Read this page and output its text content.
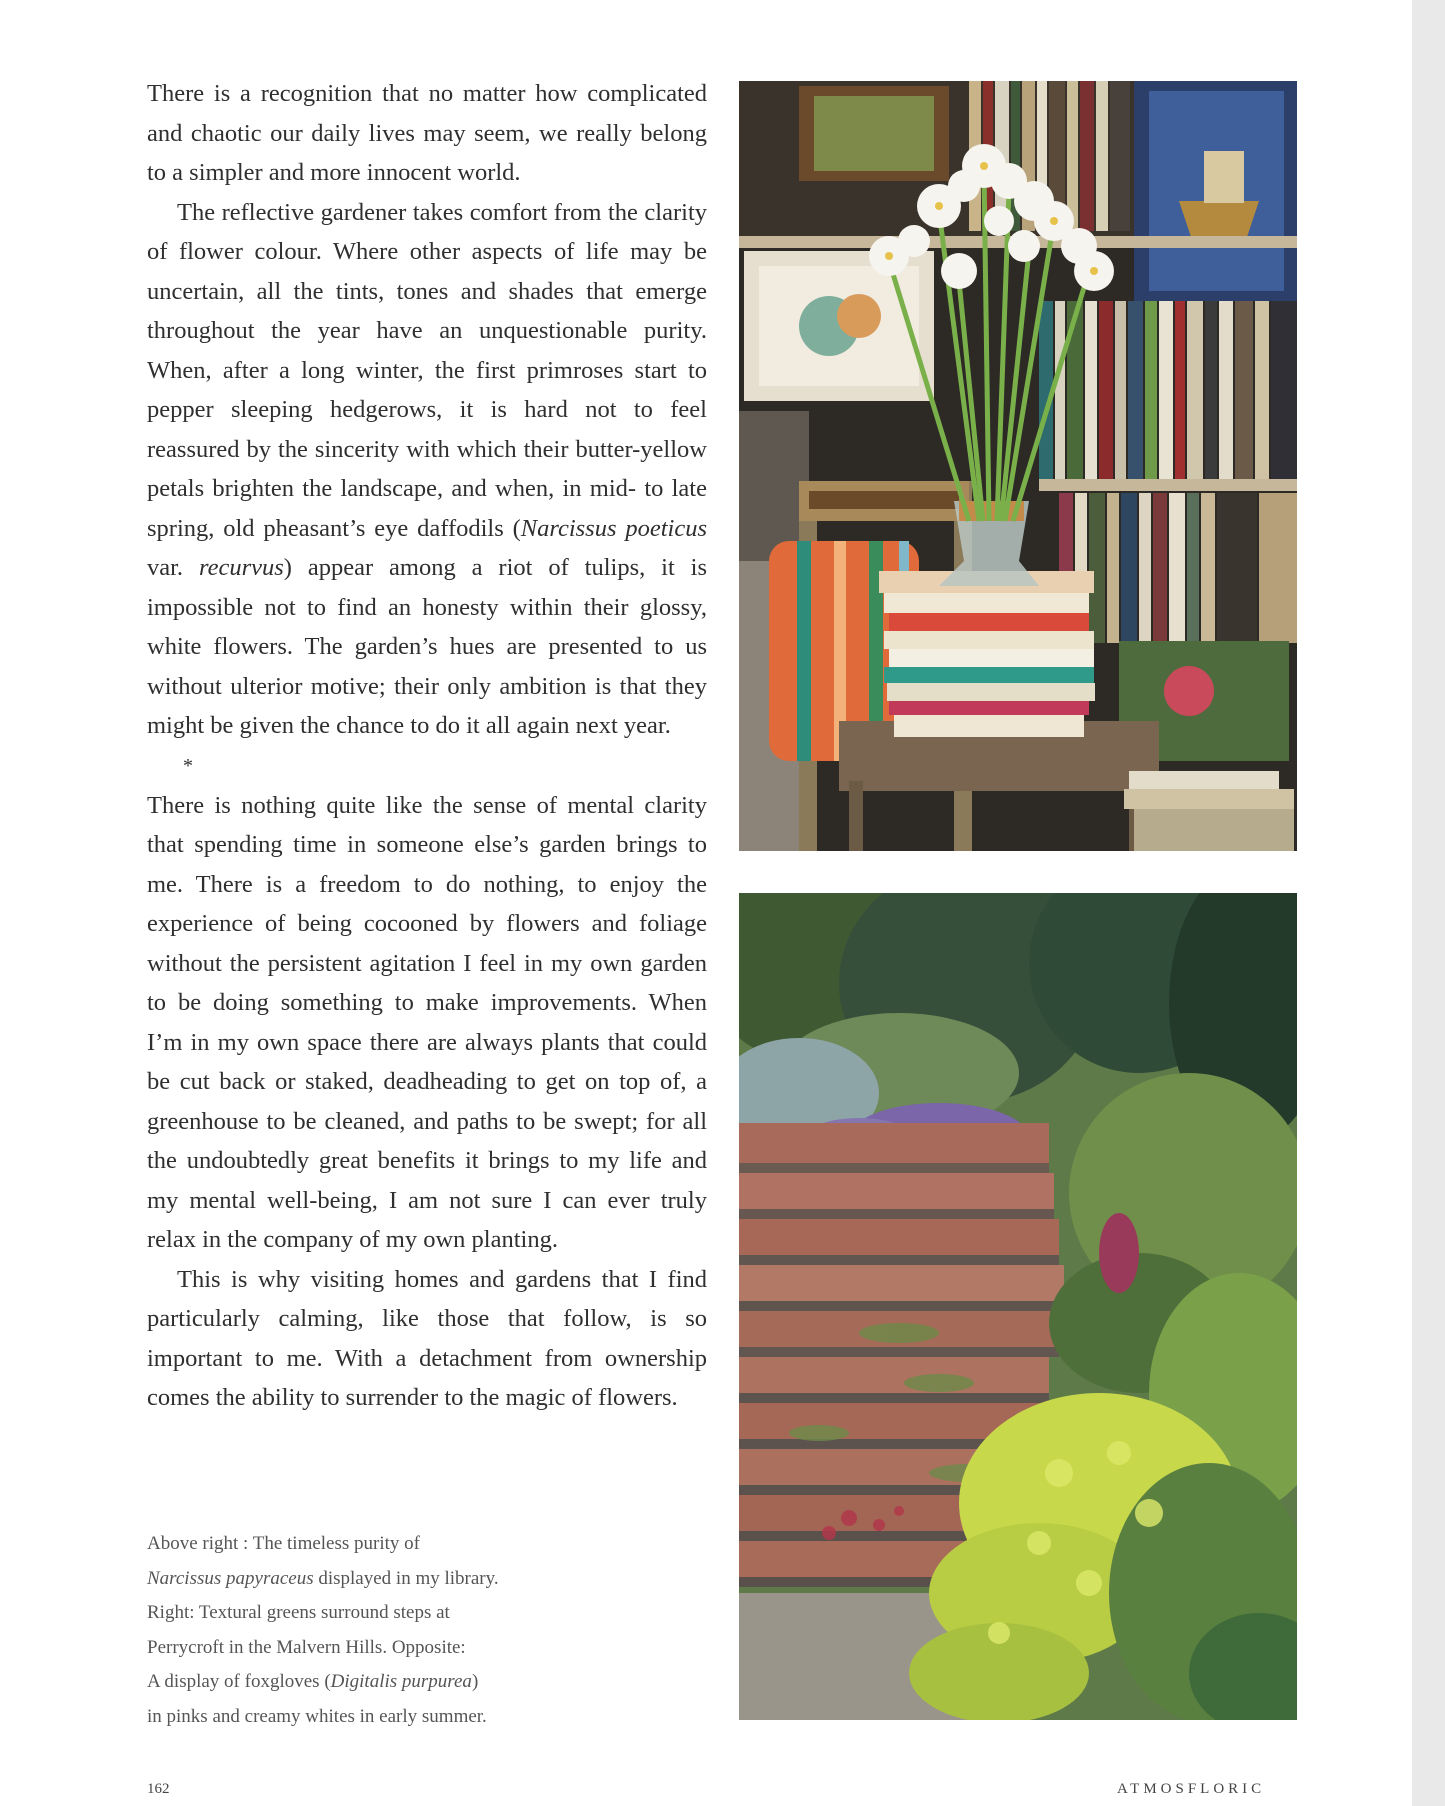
There is a recognition that no matter how complicated and chaotic our daily lives may seem, we really belong to a simpler and more innocent world.

The reflective gardener takes comfort from the clarity of flower colour. Where other aspects of life may be uncertain, all the tints, tones and shades that emerge throughout the year have an unquestionable purity. When, after a long winter, the first primroses start to pepper sleeping hedgerows, it is hard not to feel reassured by the sincerity with which their butter-yellow petals brighten the landscape, and when, in mid- to late spring, old pheasant’s eye daffodils (Narcissus poeticus var. recurvus) appear among a riot of tulips, it is impossible not to find an honesty within their glossy, white flowers. The garden’s hues are presented to us without ulterior motive; their only ambition is that they might be given the chance to do it all again next year.

*

There is nothing quite like the sense of mental clarity that spending time in someone else’s garden brings to me. There is a freedom to do nothing, to enjoy the experience of being cocooned by flowers and foliage without the persistent agitation I feel in my own garden to be doing something to make improvements. When I’m in my own space there are always plants that could be cut back or staked, deadheading to get on top of, a greenhouse to be cleaned, and paths to be swept; for all the undoubtedly great benefits it brings to my life and my mental well-being, I am not sure I can ever truly relax in the company of my own planting.

This is why visiting homes and gardens that I find particularly calming, like those that follow, is so important to me. With a detachment from ownership comes the ability to surrender to the magic of flowers.

Above right : The timeless purity of
Narcissus papyraceus displayed in my library.
Right: Textural greens surround steps at
Perrycroft in the Malvern Hills. Opposite:
A display of foxgloves (Digitalis purpurea)
in pinks and creamy whites in early summer.
162	ATMOSFLORIC
